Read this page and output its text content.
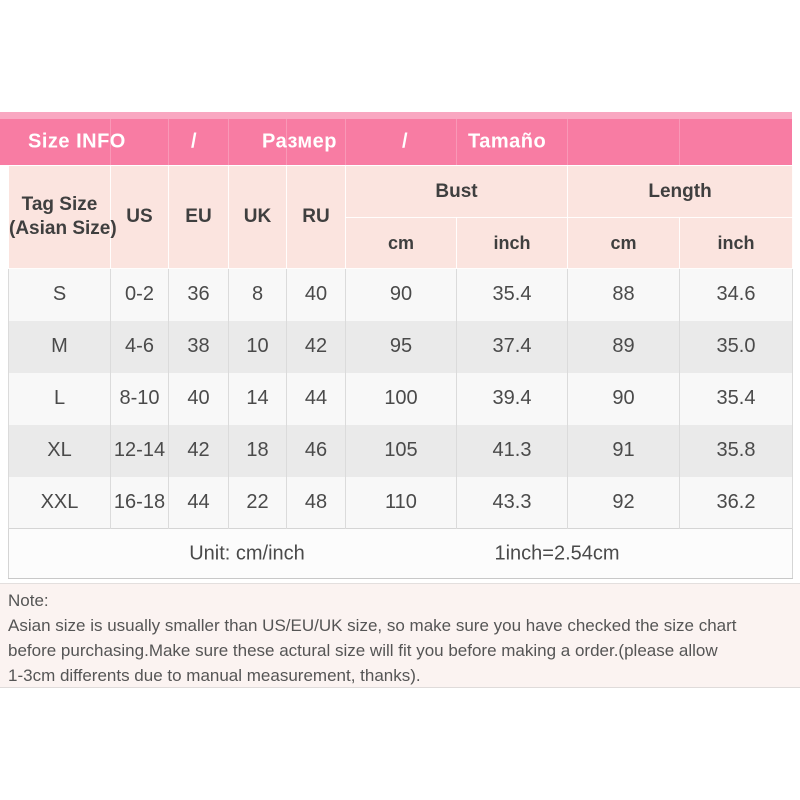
Size INFO	/	Размер	/	Tamaño
Tag Size
(Asian Size)	US	EU	UK	RU	Bust		Length	
					cm	inch	cm	inch
S	0-2	36	8	40	90	35.4	88	34.6
M	4-6	38	10	42	95	37.4	89	35.0
L	8-10	40	14	44	100	39.4	90	35.4
XL	12-14	42	18	46	105	41.3	91	35.8
XXL	16-18	44	22	48	110	43.3	92	36.2

Unit: cm/inch 1inch=2.54cm								
Note:
Asian size is usually smaller than US/EU/UK size, so make sure you have checked the size chart
before purchasing.Make sure these actural size will fit you before making a order.(please allow
1-3cm differents due to manual measurement, thanks).
